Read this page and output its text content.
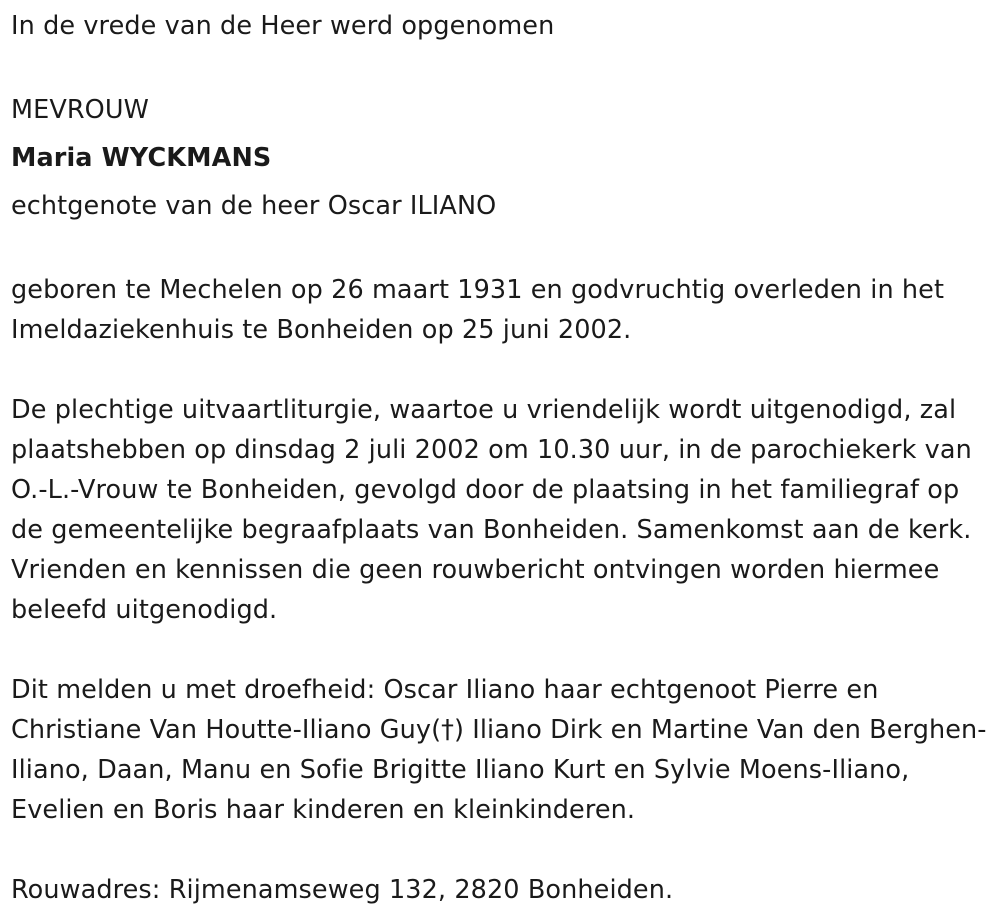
In de vrede van de Heer werd opgenomen

MEVROUW

Maria WYCKMANS

echtgenote van de heer Oscar ILIANO

geboren te Mechelen op 26 maart 1931 en godvruchtig overleden in het Imeldaziekenhuis te Bonheiden op 25 juni 2002.

De plechtige uitvaartliturgie, waartoe u vriendelijk wordt uitgenodigd, zal plaatshebben op dinsdag 2 juli 2002 om 10.30 uur, in de parochiekerk van O.-L.-Vrouw te Bonheiden, gevolgd door de plaatsing in het familiegraf op de gemeentelijke begraafplaats van Bonheiden. Samenkomst aan de kerk. Vrienden en kennissen die geen rouwbericht ontvingen worden hiermee beleefd uitgenodigd.

Dit melden u met droefheid: Oscar Iliano haar echtgenoot Pierre en Christiane Van Houtte-Iliano Guy(†) Iliano Dirk en Martine Van den Berghen-Iliano, Daan, Manu en Sofie Brigitte Iliano Kurt en Sylvie Moens-Iliano, Evelien en Boris haar kinderen en kleinkinderen.

Rouwadres: Rijmenamseweg 132, 2820 Bonheiden.
